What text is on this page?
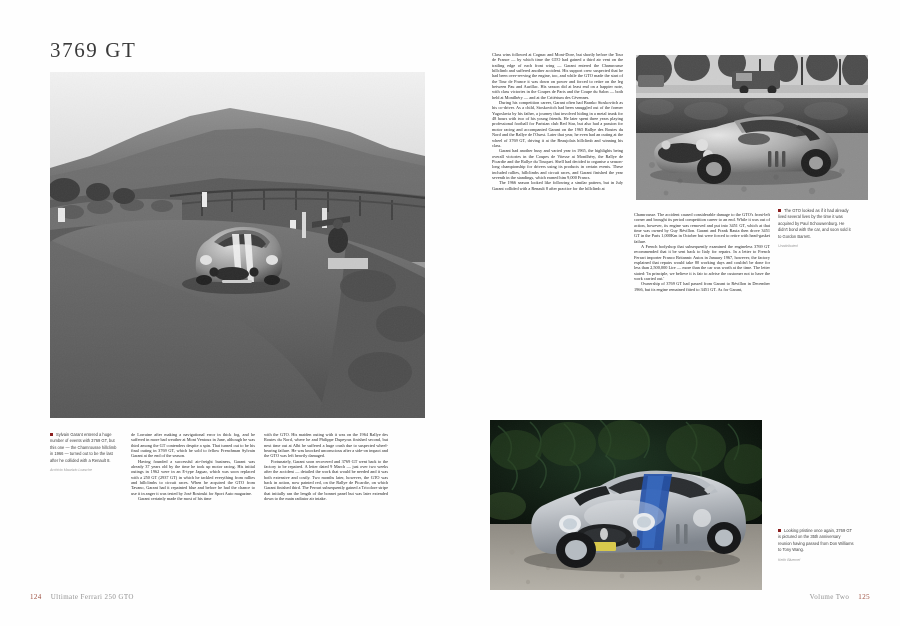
3769 GT
Sylvain Garant entered a huge number of events with 3769 GT, but this one — the Chamrousse hillclimb in 1966 — turned out to be the last after he collided with a Renault 8.
Archivio Maurizio Loasche

de Lorraine after making a navigational error in thick fog, and he suffered in more bad weather at Mont Ventoux in June, although he was third among the GT contenders despite a spin. That turned out to be his final outing in 3769 GT, which he sold to fellow Frenchman Sylvain Garant at the end of the season.

Having founded a successful air-freight business, Garant was already 37 years old by the time he took up motor racing. His initial outings in 1962 were in an E-type Jaguar, which was soon replaced with a 250 GT (2937 GT) in which he tackled everything from rallies and hillclimbs to circuit races. When he acquired the GTO from Tavano, Garant had it repainted blue and before he had the chance to use it in anger it was tested by José Rosinski for Sport Auto magazine.

Garant certainly made the most of his time

with the GTO. His maiden outing with it was on the 1964 Rallye des Routes du Nord, where he and Philippe Dupeyras finished second, but next time out at Albi he suffered a huge crash due to suspected wheel-bearing failure. He was knocked unconscious after a side-on impact and the GTO was left heavily damaged.

Fortunately, Garant soon recovered and 3769 GT went back to the factory to be repaired. A letter dated 9 March — just over two weeks after the accident — detailed the work that would be needed and it was both extensive and costly. Two months later, however, the GTO was back in action, now painted red, on the Rallye de Picardie, on which Garant finished third. The Ferrari subsequently gained a Tricolore stripe that initially ran the length of the bonnet panel but was later extended down to the main radiator air intake.

124 Ultimate Ferrari 250 GTO

Class wins followed at Cognac and Mont-Dore, but shortly before the Tour de France — by which time the GTO had gained a third air vent on the trailing edge of each front wing — Garant entered the Chamrousse hillclimb and suffered another accident. His support crew suspected that he had been over-revving the engine, too, and while the GTO made the start of the Tour de France it was down on power and forced to retire on the leg between Pau and Aurillac. His season did at least end on a happier note, with class victories in the Coupes de Paris and the Coupe du Salon — both held at Montlhéry — and at the Critérium des Cévennes.

During his competition career, Garant often had Branko Stoskovitch as his co-driver. As a child, Stoskovitch had been smuggled out of the former Yugoslavia by his father, a journey that involved hiding in a metal trunk for 48 hours with two of his young friends. He later spent three years playing professional football for Parisian club Red Star, but also had a passion for motor racing and accompanied Garant on the 1965 Rallye des Routes du Nord and the Rallye de l'Ouest. Later that year, he even had an outing at the wheel of 3769 GT, driving it at the Beaujolais hillclimb and winning his class.

Garant had another busy and varied year in 1965, the highlights being overall victories in the Coupes de Vitesse at Montlhéry, the Rallye de Picardie and the Rallye du Touquet. Shell had decided to organise a season-long championship for drivers using its products in certain events. These included rallies, hillclimbs and circuit races, and Garant finished the year seventh in the standings, which earned him 9,000 Francs.

The 1966 season looked like following a similar pattern, but in July Garant collided with a Renault 8 after practice for the hillclimb at

Chamrousse. The accident caused considerable damage to the GTO's front-left corner and brought its period competition career to an end. While it was out of action, however, its engine was removed and put into 3451 GT, which at that time was owned by Guy Révillon. Garant and Frank Rauta then drove 3451 GT in the Paris 1,000Km in October but were forced to retire with head-gasket failure.

A French bodyshop that subsequently examined the engineless 3769 GT recommended that it be sent back to Italy for repairs. In a letter to French Ferrari importer Franco Britannic Autos in January 1967, however, the factory explained that repairs would take 80 working days and couldn't be done for less than 2,500,000 Lire — more than the car was worth at the time. The letter stated: 'In principle, we believe it is fair to advise the customer not to have the work carried out.'

Ownership of 3769 GT had passed from Garant to Révillon in December 1966, but its engine remained fitted to 3451 GT. As for Garant,

The GTO looked as if it had already lived several lives by the time it was acquired by Paul Schouwenburg. He didn't bond with the car, and soon sold it to Gordon Barrett.
Unattributed
Looking pristine once again, 3769 GT is pictured on the 35th anniversary reunion having passed from Don Williams to Tony Wang.
Keith Bluemel
Volume Two 125
